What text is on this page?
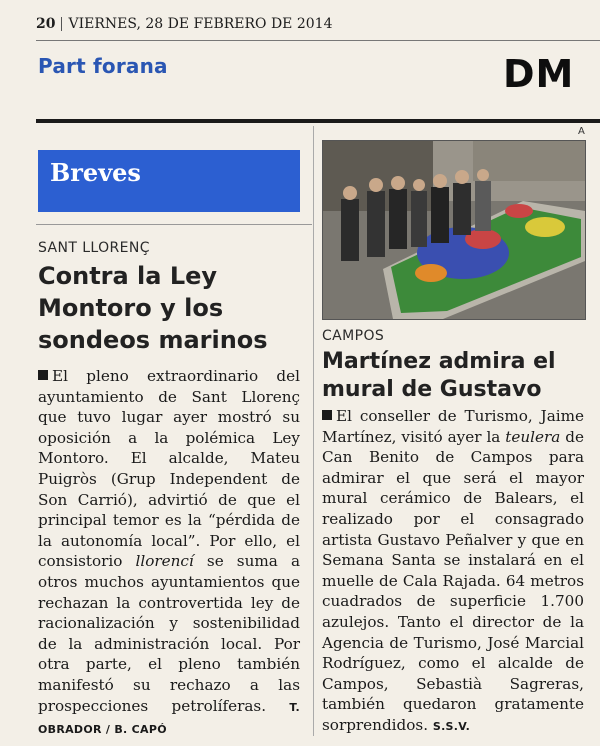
20 VIERNES, 28 DE FEBRERO DE 2014
Part forana	DM
A
Breves
SANT LLORENÇ
Contra la Ley Montoro y los sondeos marinos
El pleno extraordinario del ayuntamiento de Sant Llorenç que tuvo lugar ayer mostró su oposición a la polémica Ley Montoro. El alcalde, Mateu Puigròs (Grup Independent de Son Carrió), advirtió de que el principal temor es la “pérdida de la autonomía local”. Por ello, el consistorio llorencí se suma a otros muchos ayuntamientos que rechazan la controvertida ley de racionalización y sostenibilidad de la administración local. Por otra parte, el pleno también manifestó su rechazo a las prospecciones petrolíferas. T. OBRADOR / B. CAPÓ
CAMPOS
Martínez admira el mural de Gustavo
El conseller de Turismo, Jaime Martínez, visitó ayer la teulera de Can Benito de Campos para admirar el que será el mayor mural cerámico de Balears, el realizado por el consagrado artista Gustavo Peñalver y que en Semana Santa se instalará en el muelle de Cala Rajada. 64 metros cuadrados de superficie 1.700 azulejos. Tanto el director de la Agencia de Turismo, José Marcial Rodríguez, como el alcalde de Campos, Sebastià Sagreras, también quedaron gratamente sorprendidos. S.S.V.
